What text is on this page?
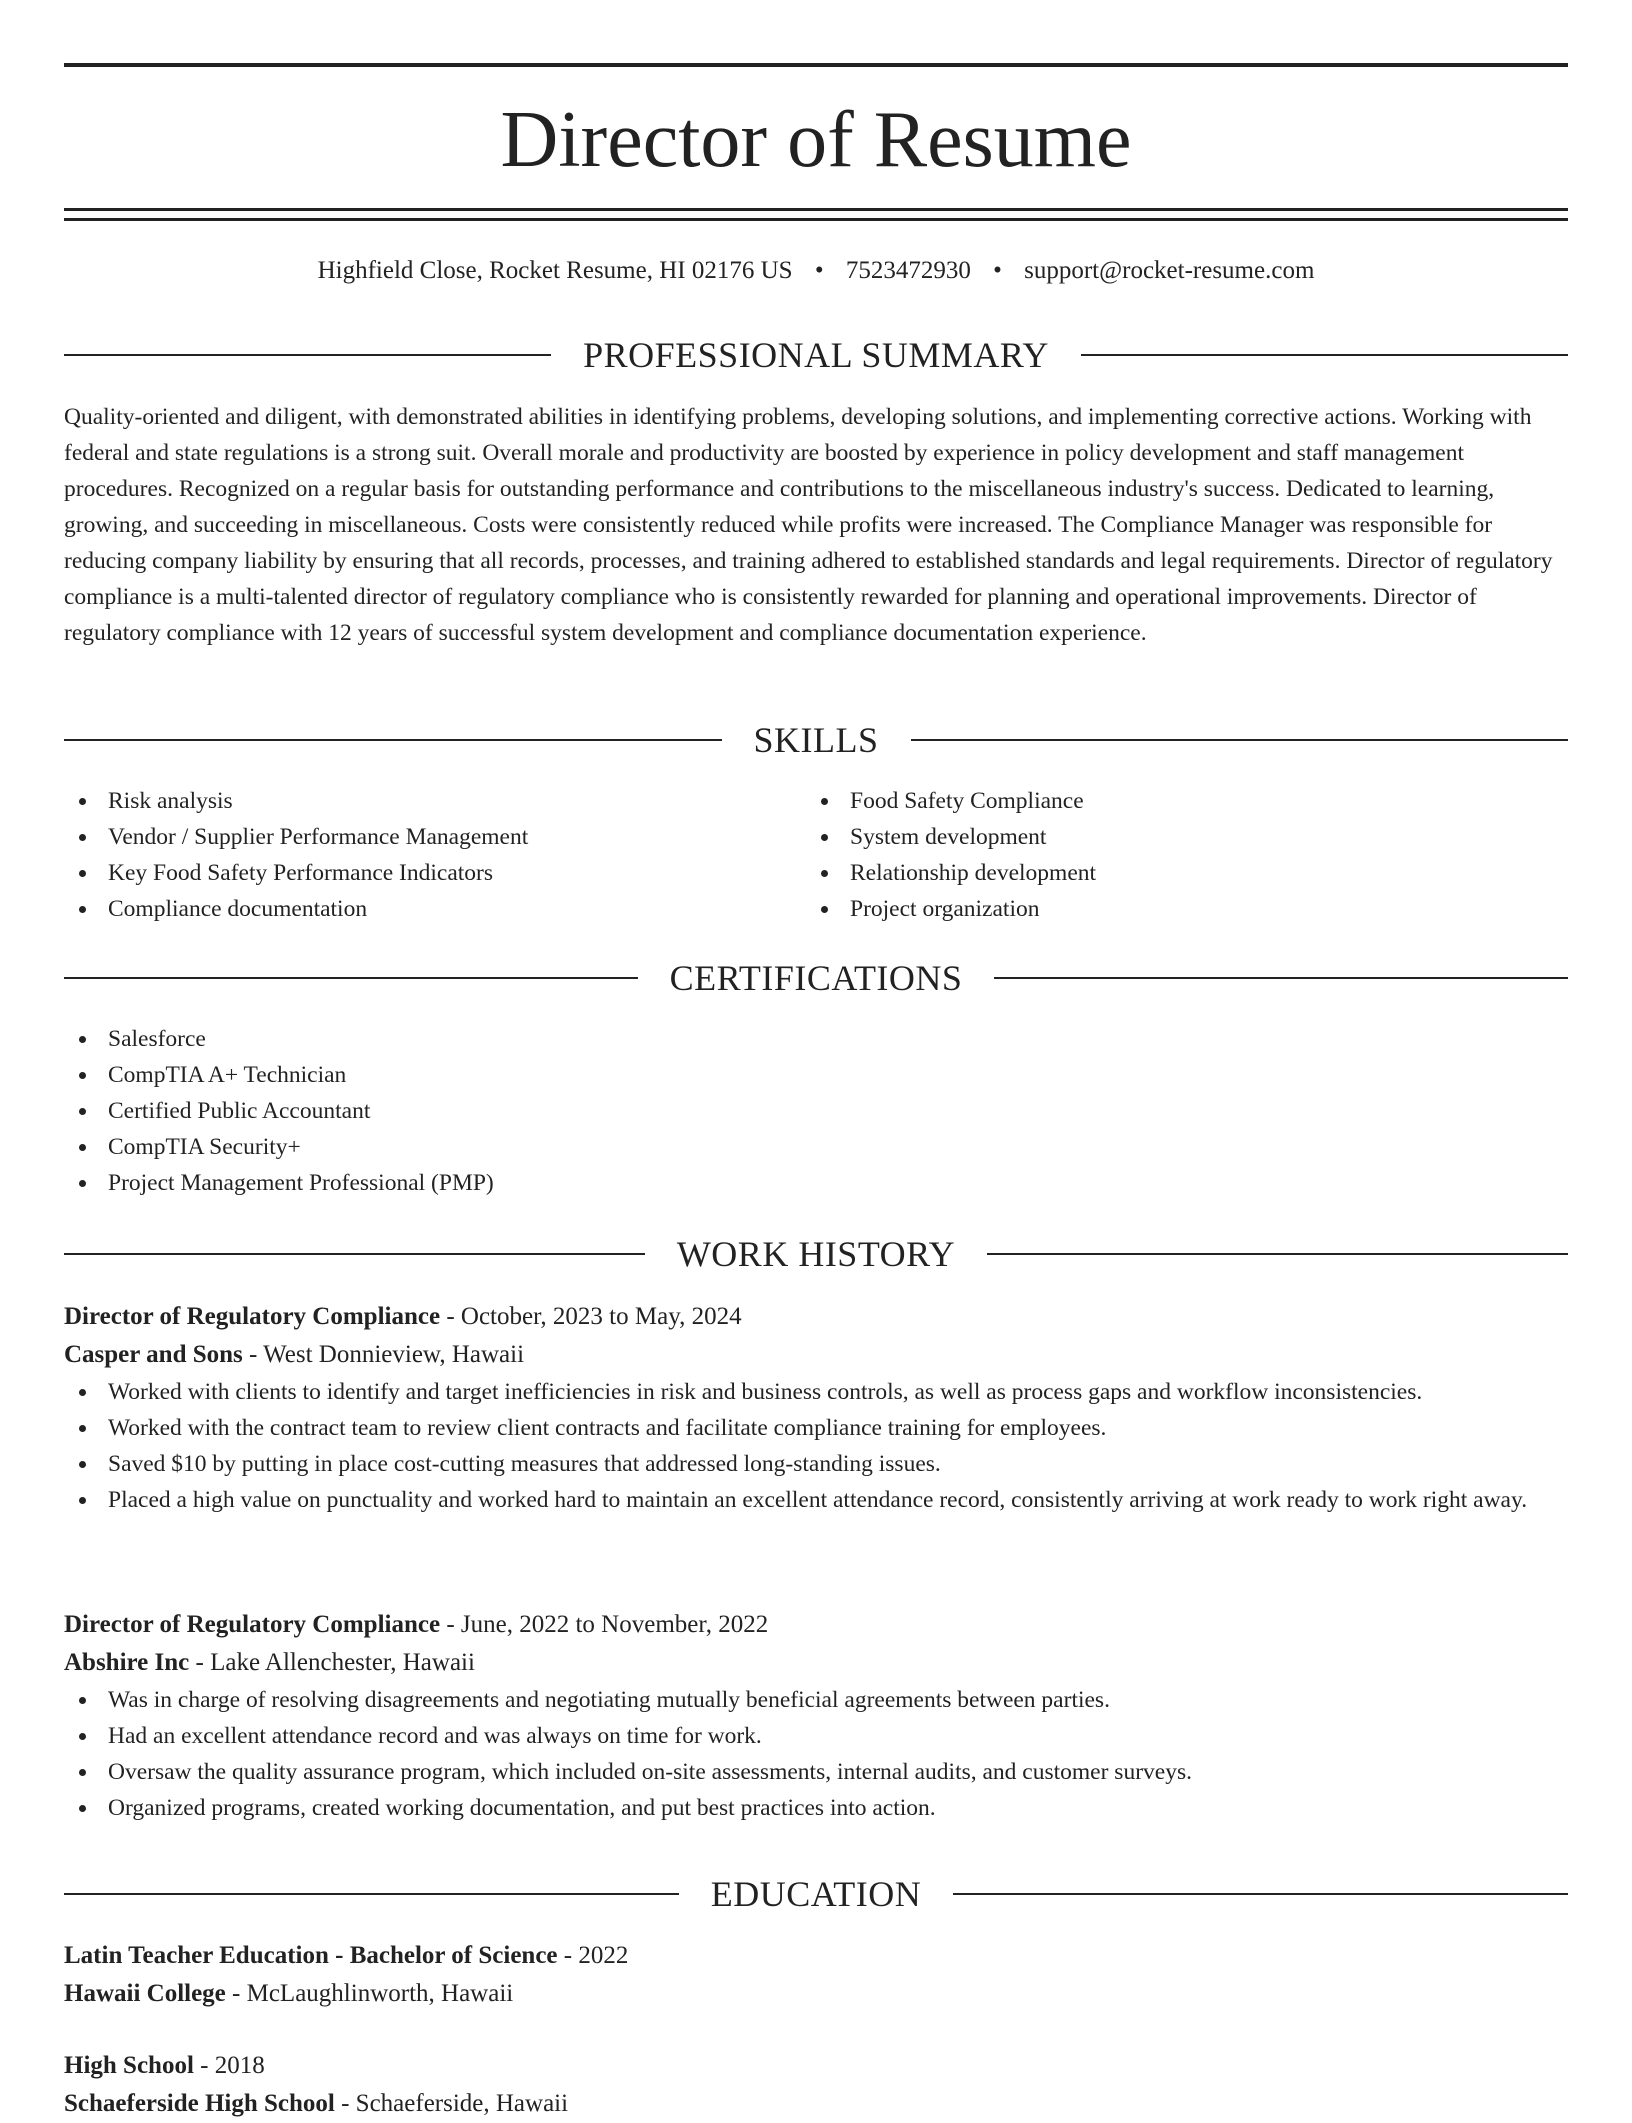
Director of Resume
Highfield Close, Rocket Resume, HI 02176 US • 7523472930 • support@rocket-resume.com
PROFESSIONAL SUMMARY

Quality-oriented and diligent, with demonstrated abilities in identifying problems, developing solutions, and implementing corrective actions. Working with federal and state regulations is a strong suit. Overall morale and productivity are boosted by experience in policy development and staff management procedures. Recognized on a regular basis for outstanding performance and contributions to the miscellaneous industry's success. Dedicated to learning, growing, and succeeding in miscellaneous. Costs were consistently reduced while profits were increased. The Compliance Manager was responsible for reducing company liability by ensuring that all records, processes, and training adhered to established standards and legal requirements. Director of regulatory compliance is a multi-talented director of regulatory compliance who is consistently rewarded for planning and operational improvements. Director of regulatory compliance with 12 years of successful system development and compliance documentation experience.

SKILLS
Risk analysis
Vendor / Supplier Performance Management
Key Food Safety Performance Indicators
Compliance documentation
Food Safety Compliance
System development
Relationship development
Project organization
CERTIFICATIONS
Salesforce
CompTIA A+ Technician
Certified Public Accountant
CompTIA Security+
Project Management Professional (PMP)
WORK HISTORY
Director of Regulatory Compliance - October, 2023 to May, 2024
Casper and Sons - West Donnieview, Hawaii
Worked with clients to identify and target inefficiencies in risk and business controls, as well as process gaps and workflow inconsistencies.
Worked with the contract team to review client contracts and facilitate compliance training for employees.
Saved $10 by putting in place cost-cutting measures that addressed long-standing issues.
Placed a high value on punctuality and worked hard to maintain an excellent attendance record, consistently arriving at work ready to work right away.
Director of Regulatory Compliance - June, 2022 to November, 2022
Abshire Inc - Lake Allenchester, Hawaii
Was in charge of resolving disagreements and negotiating mutually beneficial agreements between parties.
Had an excellent attendance record and was always on time for work.
Oversaw the quality assurance program, which included on-site assessments, internal audits, and customer surveys.
Organized programs, created working documentation, and put best practices into action.
EDUCATION
Latin Teacher Education - Bachelor of Science - 2022
Hawaii College - McLaughlinworth, Hawaii
High School - 2018
Schaeferside High School - Schaeferside, Hawaii
